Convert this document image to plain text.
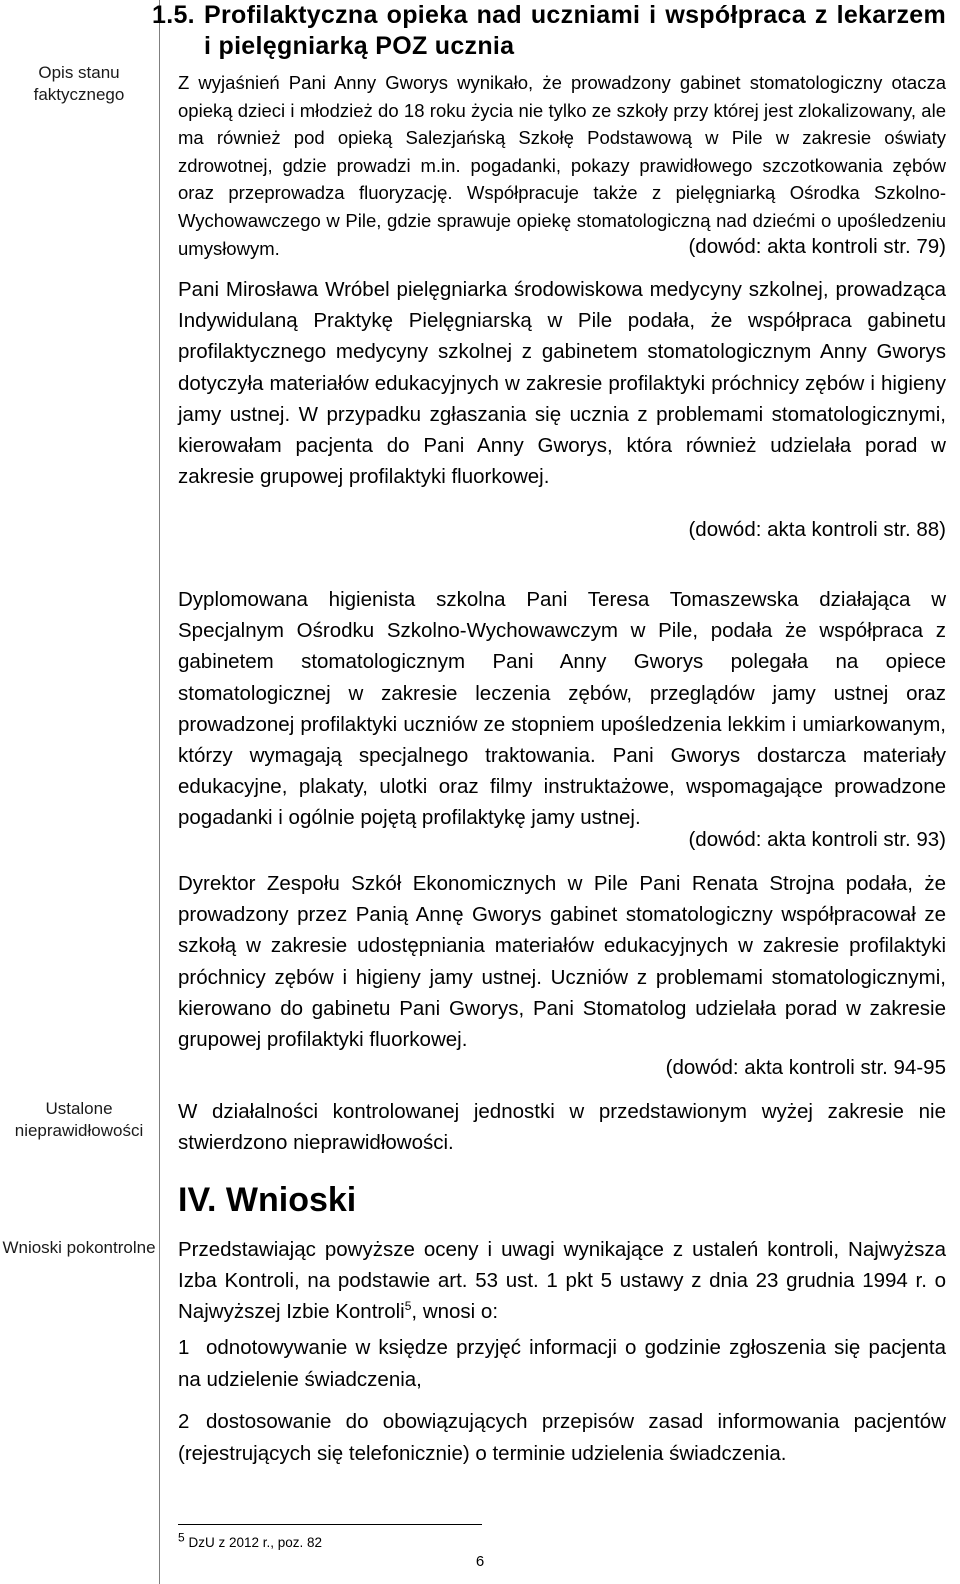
Opis stanu faktycznego
Ustalone nieprawidłowości
Wnioski pokontrolne
1.5. Profilaktyczna opieka nad uczniami i współpraca z lekarzem i pielęgniarką POZ ucznia
Z wyjaśnień Pani Anny Gworys wynikało, że prowadzony gabinet stomatologiczny otacza opieką dzieci i młodzież do 18 roku życia nie tylko ze szkoły przy której jest zlokalizowany, ale ma również pod opieką Salezjańską Szkołę Podstawową w Pile w zakresie oświaty zdrowotnej, gdzie prowadzi m.in. pogadanki, pokazy prawidłowego szczotkowania zębów oraz przeprowadza fluoryzację. Współpracuje także z pielęgniarką Ośrodka Szkolno-Wychowawczego w Pile, gdzie sprawuje opiekę stomatologiczną nad dziećmi o upośledzeniu umysłowym.	(dowód: akta kontroli str. 79)
Pani Mirosława Wróbel pielęgniarka środowiskowa medycyny szkolnej, prowadząca Indywidulaną Praktykę Pielęgniarską w Pile podała, że współpraca gabinetu profilaktycznego medycyny szkolnej z gabinetem stomatologicznym Anny Gworys dotyczyła materiałów edukacyjnych w zakresie profilaktyki próchnicy zębów i higieny jamy ustnej. W przypadku zgłaszania się ucznia z problemami stomatologicznymi, kierowałam pacjenta do Pani Anny Gworys, która również udzielała porad w zakresie grupowej profilaktyki fluorkowej.
(dowód: akta kontroli str. 88)
Dyplomowana higienista szkolna Pani Teresa Tomaszewska działająca w Specjalnym Ośrodku Szkolno-Wychowawczym w Pile, podała że współpraca z gabinetem stomatologicznym Pani Anny Gworys polegała na opiece stomatologicznej w zakresie leczenia zębów, przeglądów jamy ustnej oraz prowadzonej profilaktyki uczniów ze stopniem upośledzenia lekkim i umiarkowanym, którzy wymagają specjalnego traktowania. Pani Gworys dostarcza materiały edukacyjne, plakaty, ulotki oraz filmy instruktażowe, wspomagające prowadzone pogadanki i ogólnie pojętą profilaktykę jamy ustnej.
(dowód: akta kontroli str. 93)
Dyrektor Zespołu Szkół Ekonomicznych w Pile Pani Renata Strojna podała, że prowadzony przez Panią Annę Gworys gabinet stomatologiczny współpracował ze szkołą w zakresie udostępniania materiałów edukacyjnych w zakresie profilaktyki próchnicy zębów i higieny jamy ustnej. Uczniów z problemami stomatologicznymi, kierowano do gabinetu Pani Gworys, Pani Stomatolog udzielała porad w zakresie grupowej profilaktyki fluorkowej.
(dowód: akta kontroli str. 94-95
W działalności kontrolowanej jednostki w przedstawionym wyżej zakresie nie stwierdzono nieprawidłowości.
IV. Wnioski
Przedstawiając powyższe oceny i uwagi wynikające z ustaleń kontroli, Najwyższa Izba Kontroli, na podstawie art. 53 ust. 1 pkt 5 ustawy z dnia 23 grudnia 1994 r. o Najwyższej Izbie Kontroli$^5$, wnosi o:
1 odnotowywanie w księdze przyjęć informacji o godzinie zgłoszenia się pacjenta na udzielenie świadczenia,
2 dostosowanie do obowiązujących przepisów zasad informowania pacjentów (rejestrujących się telefonicznie) o terminie udzielenia świadczenia.
$^5$ DzU z 2012 r., poz. 82
6
